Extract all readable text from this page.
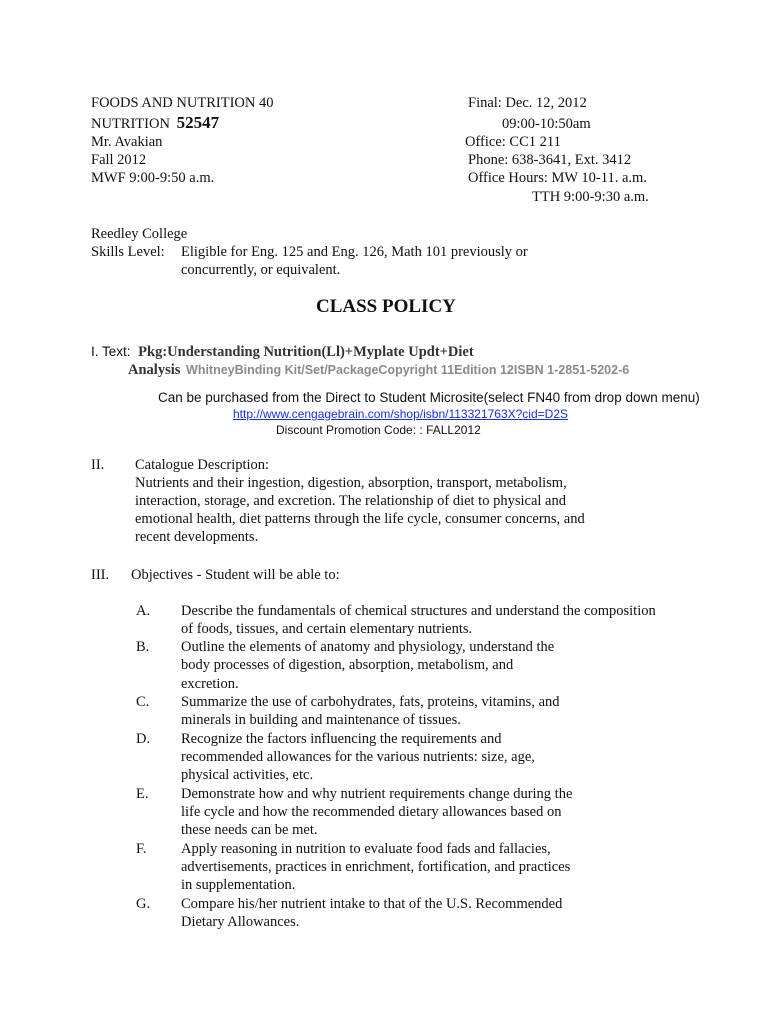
FOODS AND NUTRITION 40
NUTRITION 52547
Mr. Avakian
Fall 2012
MWF 9:00-9:50 a.m.
Final: Dec. 12, 2012
09:00-10:50am
Office: CC1 211
Phone: 638-3641, Ext. 3412
Office Hours: MW 10-11. a.m.
TTH 9:00-9:30 a.m.
Reedley College
Skills Level: Eligible for Eng. 125 and Eng. 126, Math 101 previously or
concurrently, or equivalent.
CLASS POLICY
I. Text: Pkg:Understanding Nutrition(Ll)+Myplate Updt+Diet
Analysis WhitneyBinding Kit/Set/PackageCopyright 11Edition 12ISBN 1-2851-5202-6
Can be purchased from the Direct to Student Microsite(select FN40 from drop down menu)
http://www.cengagebrain.com/shop/isbn/113321763X?cid=D2S
Discount Promotion Code: : FALL2012
II. Catalogue Description:
Nutrients and their ingestion, digestion, absorption, transport, metabolism,
interaction, storage, and excretion. The relationship of diet to physical and
emotional health, diet patterns through the life cycle, consumer concerns, and
recent developments.
III. Objectives - Student will be able to:
A. Describe the fundamentals of chemical structures and understand the composition
of foods, tissues, and certain elementary nutrients.
B. Outline the elements of anatomy and physiology, understand the
body processes of digestion, absorption, metabolism, and
excretion.
C. Summarize the use of carbohydrates, fats, proteins, vitamins, and
minerals in building and maintenance of tissues.
D. Recognize the factors influencing the requirements and
recommended allowances for the various nutrients: size, age,
physical activities, etc.
E. Demonstrate how and why nutrient requirements change during the
life cycle and how the recommended dietary allowances based on
these needs can be met.
F. Apply reasoning in nutrition to evaluate food fads and fallacies,
advertisements, practices in enrichment, fortification, and practices
in supplementation.
G. Compare his/her nutrient intake to that of the U.S. Recommended
Dietary Allowances.
